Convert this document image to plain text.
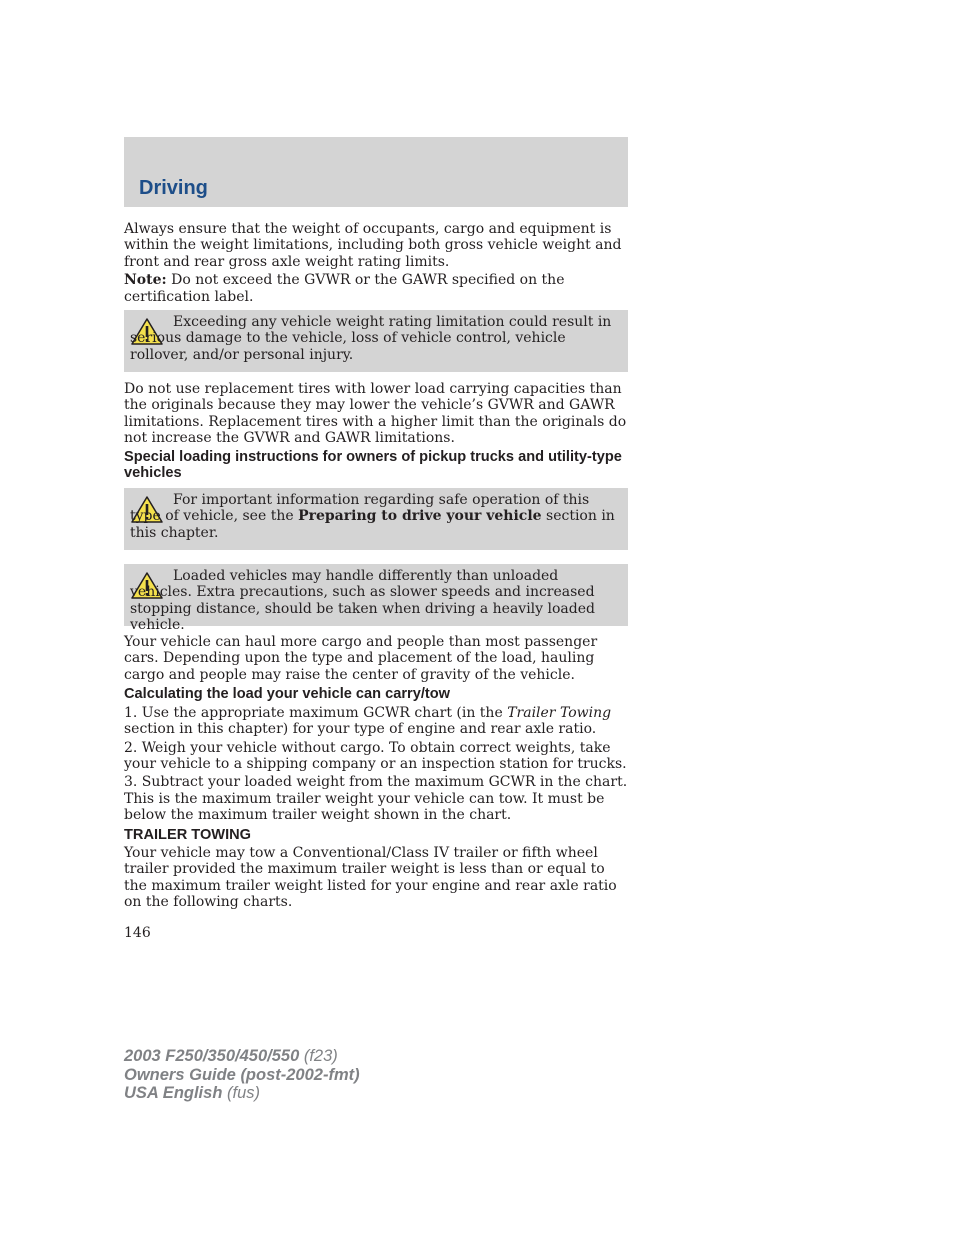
Driving

Always ensure that the weight of occupants, cargo and equipment is within the weight limitations, including both gross vehicle weight and front and rear gross axle weight rating limits.

Note: Do not exceed the GVWR or the GAWR specified on the certification label.

Exceeding any vehicle weight rating limitation could result in serious damage to the vehicle, loss of vehicle control, vehicle rollover, and/or personal injury.

Do not use replacement tires with lower load carrying capacities than the originals because they may lower the vehicle’s GVWR and GAWR limitations. Replacement tires with a higher limit than the originals do not increase the GVWR and GAWR limitations.

Special loading instructions for owners of pickup trucks and utility-type vehicles

For important information regarding safe operation of this type of vehicle, see the Preparing to drive your vehicle section in this chapter.
Loaded vehicles may handle differently than unloaded vehicles. Extra precautions, such as slower speeds and increased stopping distance, should be taken when driving a heavily loaded vehicle.

Your vehicle can haul more cargo and people than most passenger cars. Depending upon the type and placement of the load, hauling cargo and people may raise the center of gravity of the vehicle.

Calculating the load your vehicle can carry/tow

1. Use the appropriate maximum GCWR chart (in the Trailer Towing section in this chapter) for your type of engine and rear axle ratio.

2. Weigh your vehicle without cargo. To obtain correct weights, take your vehicle to a shipping company or an inspection station for trucks.

3. Subtract your loaded weight from the maximum GCWR in the chart. This is the maximum trailer weight your vehicle can tow. It must be below the maximum trailer weight shown in the chart.

TRAILER TOWING

Your vehicle may tow a Conventional/Class IV trailer or fifth wheel trailer provided the maximum trailer weight is less than or equal to the maximum trailer weight listed for your engine and rear axle ratio on the following charts.

146
2003 F250/350/450/550 (f23)
Owners Guide (post-2002-fmt)
USA English (fus)
